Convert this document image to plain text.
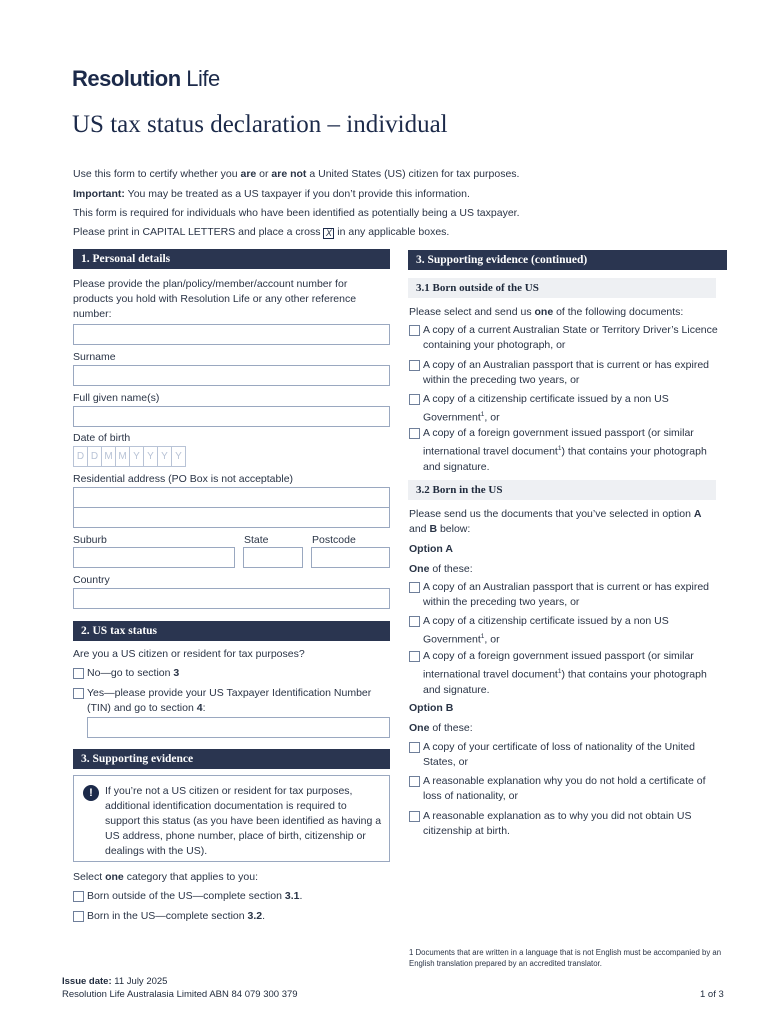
Resolution Life
US tax status declaration – individual
Use this form to certify whether you are or are not a United States (US) citizen for tax purposes.
Important: You may be treated as a US taxpayer if you don’t provide this information.
This form is required for individuals who have been identified as potentially being a US taxpayer.
Please print in CAPITAL LETTERS and place a cross X in any applicable boxes.
1. Personal details
Please provide the plan/policy/member/account number for products you hold with Resolution Life or any other reference number:
Surname
Full given name(s)
Date of birth
D D M M Y Y Y Y
Residential address (PO Box is not acceptable)
Suburb	State	Postcode
Country
2. US tax status
Are you a US citizen or resident for tax purposes?
No—go to section 3
Yes—please provide your US Taxpayer Identification Number (TIN) and go to section 4:
3. Supporting evidence
!	If you’re not a US citizen or resident for tax purposes, additional identification documentation is required to support this status (as you have been identified as having a US address, phone number, place of birth, citizenship or dealings with the US).
Select one category that applies to you:
Born outside of the US—complete section 3.1.
Born in the US—complete section 3.2.
3. Supporting evidence (continued)
3.1 Born outside of the US
Please select and send us one of the following documents:
A copy of a current Australian State or Territory Driver’s Licence containing your photograph, or
A copy of an Australian passport that is current or has expired within the preceding two years, or
A copy of a citizenship certificate issued by a non US Government$^1$, or
A copy of a foreign government issued passport (or similar international travel document$^1$) that contains your photograph and signature.
3.2 Born in the US
Please send us the documents that you’ve selected in option A and B below:
Option A
One of these:
A copy of an Australian passport that is current or has expired within the preceding two years, or
A copy of a citizenship certificate issued by a non US Government$^1$, or
A copy of a foreign government issued passport (or similar international travel document$^1$) that contains your photograph and signature.
Option B
One of these:
A copy of your certificate of loss of nationality of the United States, or
A reasonable explanation why you do not hold a certificate of loss of nationality, or
A reasonable explanation as to why you did not obtain US citizenship at birth.
1 Documents that are written in a language that is not English must be accompanied by an English translation prepared by an accredited translator.
Issue date: 11 July 2025
Resolution Life Australasia Limited ABN 84 079 300 379	1 of 3
